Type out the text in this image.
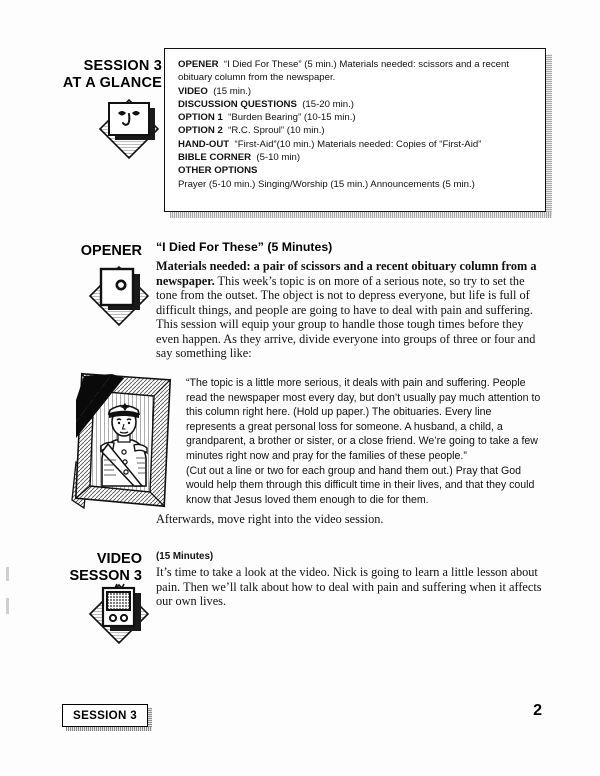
SESSION 3
AT A GLANCE
OPENER “I Died For These” (5 min.) Materials needed: scissors and a recent obituary column from the newspaper.
VIDEO (15 min.)
DISCUSSION QUESTIONS (15-20 min.)
OPTION 1 “Burden Bearing” (10-15 min.)
OPTION 2 “R.C. Sproul” (10 min.)
HAND-OUT “First-Aid”(10 min.) Materials needed: Copies of “First-Aid”
BIBLE CORNER (5-10 min)
OTHER OPTIONS
Prayer (5-10 min.) Singing/Worship (15 min.) Announcements (5 min.)
OPENER “I Died For These” (5 Minutes)
Materials needed: a pair of scissors and a recent obituary column from a newspaper. This week’s topic is on more of a serious note, so try to set the tone from the outset. The object is not to depress everyone, but life is full of difficult things, and people are going to have to deal with pain and suffering. This session will equip your group to handle those tough times before they even happen. As they arrive, divide everyone into groups of three or four and say something like:

“The topic is a little more serious, it deals with pain and suffering. People read the newspaper most every day, but don’t usually pay much attention to this column right here. (Hold up paper.) The obituaries. Every line represents a great personal loss for someone. A husband, a child, a grandparent, a brother or sister, or a close friend. We’re going to take a few minutes right now and pray for the families of these people.”

(Cut out a line or two for each group and hand them out.) Pray that God would help them through this difficult time in their lives, and that they could know that Jesus loved them enough to die for them.

Afterwards, move right into the video session.
VIDEO
SESSON 3
(15 Minutes)
It’s time to take a look at the video. Nick is going to learn a little lesson about pain. Then we’ll talk about how to deal with pain and suffering when it affects our own lives.
SESSION 3	2
